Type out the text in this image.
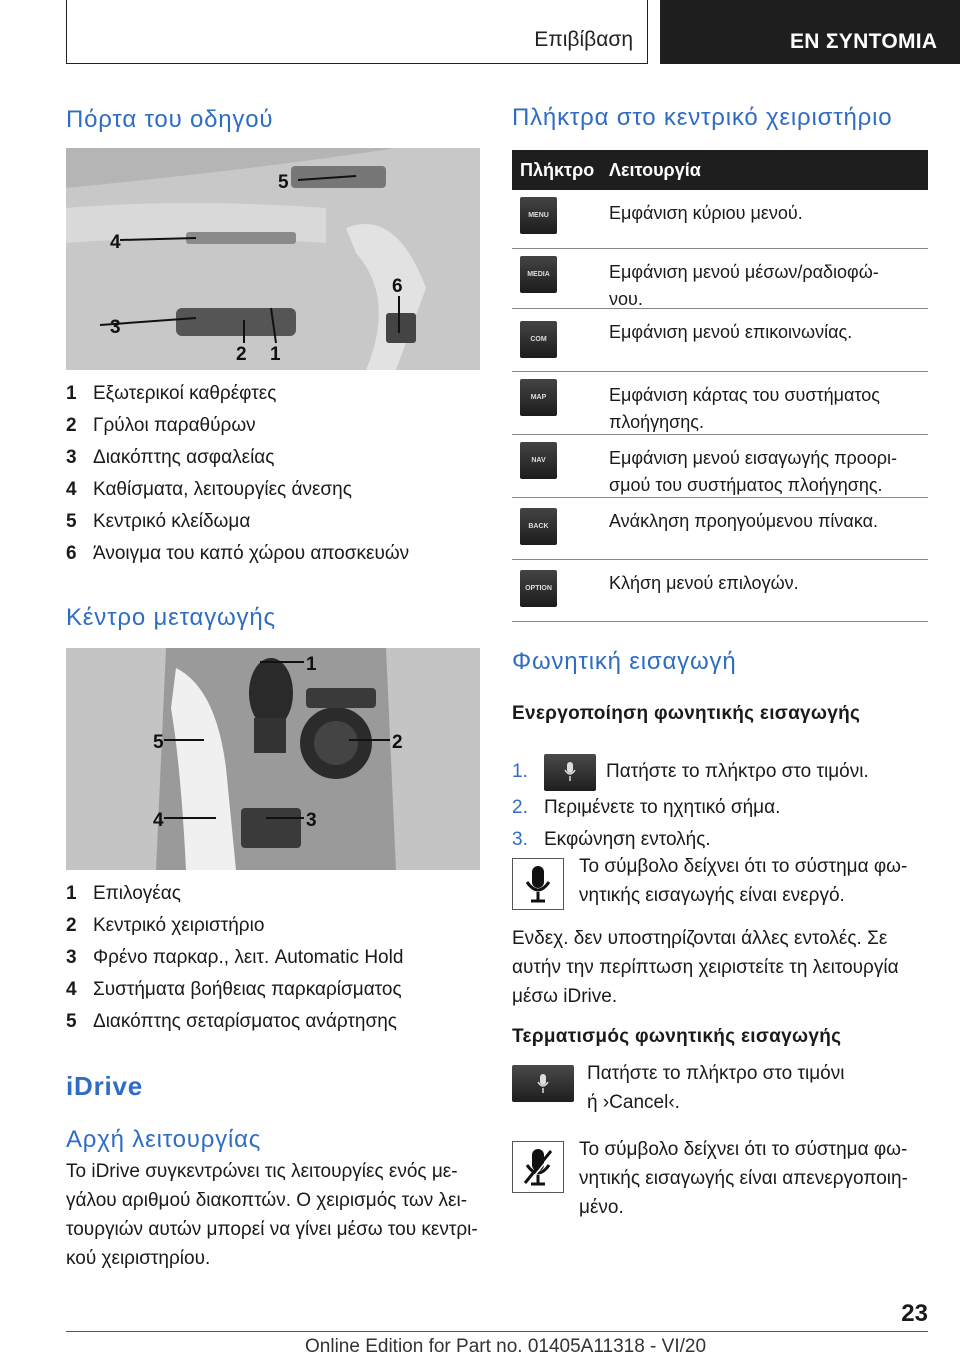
Επιβίβαση	ΕΝ ΣΥΝΤΟΜΙΑ
Πόρτα του οδηγού
4
3
2 1
5
6
1 Εξωτερικοί καθρέφτες
2 Γρύλοι παραθύρων
3 Διακόπτης ασφαλείας
4 Καθίσματα, λειτουργίες άνεσης
5 Κεντρικό κλείδωμα
6 Άνοιγμα του καπό χώρου αποσκευών
Κέντρο μεταγωγής
1
2
3
4
5
1 Επιλογέας
2 Κεντρικό χειριστήριο
3 Φρένο παρκαρ., λειτ. Automatic Hold
4 Συστήματα βοήθειας παρκαρίσματος
5 Διακόπτης σεταρίσματος ανάρτησης
iDrive
Αρχή λειτουργίας

Το iDrive συγκεντρώνει τις λειτουργίες ενός με-
γάλου αριθμού διακοπτών. Ο χειρισμός των λει-
τουργιών αυτών μπορεί να γίνει μέσω του κεντρι-
κού χειριστηρίου.

Πλήκτρα στο κεντρικό χειριστήριο
Πλήκτρο Λειτουργία
MENU	Εμφάνιση κύριου μενού.
MEDIA	Εμφάνιση μενού μέσων/ραδιοφώ-
νου.
COM	Εμφάνιση μενού επικοινωνίας.
MAP	Εμφάνιση κάρτας του συστήματος
πλοήγησης.
NAV	Εμφάνιση μενού εισαγωγής προορι-
σμού του συστήματος πλοήγησης.
BACK	Ανάκληση προηγούμενου πίνακα.
OPTION	Κλήση μενού επιλογών.
Φωνητική εισαγωγή

Ενεργοποίηση φωνητικής εισαγωγής

1.	Πατήστε το πλήκτρο στο τιμόνι.
2. Περιμένετε το ηχητικό σήμα.
3. Εκφώνηση εντολής.

Το σύμβολο δείχνει ότι το σύστημα φω-
νητικής εισαγωγής είναι ενεργό.

Ενδεχ. δεν υποστηρίζονται άλλες εντολές. Σε
αυτήν την περίπτωση χειριστείτε τη λειτουργία
μέσω iDrive.

Τερματισμός φωνητικής εισαγωγής

Πατήστε το πλήκτρο στο τιμόνι
ή ›Cancel‹.

Το σύμβολο δείχνει ότι το σύστημα φω-
νητικής εισαγωγής είναι απενεργοποιη-
μένο.

23
Online Edition for Part no. 01405A11318 - VI/20
